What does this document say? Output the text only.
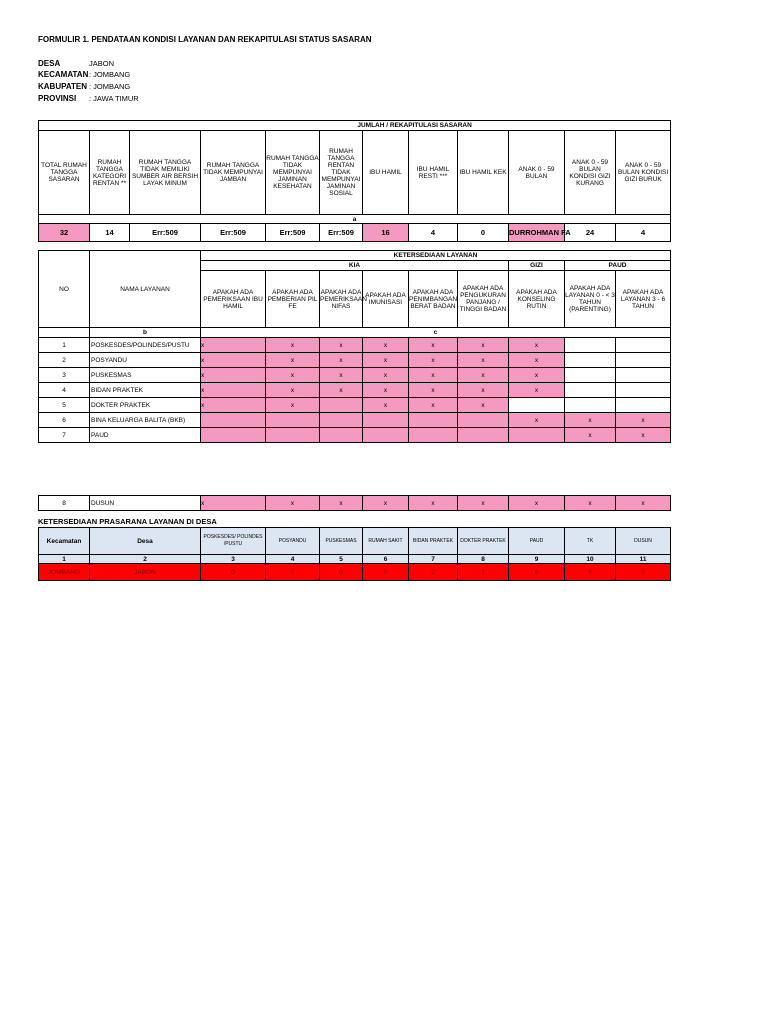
FORMULIR 1. PENDATAAN KONDISI LAYANAN DAN REKAPITULASI STATUS SASARAN
DESA	JABON
KECAMATAN : JOMBANG
KABUPATEN : JOMBANG
PROVINSI : JAWA TIMUR
JUMLAH / REKAPITULASI SASARAN											
TOTAL RUMAH TANGGA SASARAN	RUMAH TANGGA KATEGORI RENTAN **	RUMAH TANGGA TIDAK MEMILIKI SUMBER AIR BERSIH LAYAK MINUM	RUMAH TANGGA TIDAK MEMPUNYAI JAMBAN	RUMAH TANGGA TIDAK MEMPUNYAI JAMINAN KESEHATAN	RUMAH TANGGA RENTAN TIDAK MEMPUNYAI JAMINAN SOSIAL	IBU HAMIL	IBU HAMIL RESTI ***	IBU HAMIL KEK	ANAK 0 - 59 BULAN	ANAK 0 - 59 BULAN KONDISI GIZI KURANG	ANAK 0 - 59 BULAN KONDISI GIZI BURUK
a											
32	14	Err:509	Err:509	Err:509	Err:509	16	4	0	DURROHMAN FA	24	4
NO	NAMA LAYANAN	KETERSEDIAAN LAYANAN								
		KIA						GIZI	PAUD	
		APAKAH ADA PEMERIKSAAN IBU HAMIL	APAKAH ADA PEMBERIAN PIL FE	APAKAH ADA PEMERIKSAAN NIFAS	APAKAH ADA IMUNISASI	APAKAH ADA PENIMBANGAN BERAT BADAN	APAKAH ADA PENGUKURAN PANJANG / TINGGI BADAN	APAKAH ADA KONSELING RUTIN	APAKAH ADA LAYANAN 0 - < 3 TAHUN (PARENTING)	APAKAH ADA LAYANAN 3 - 6 TAHUN
	b	c								
1	POSKESDES/POLINDES/PUSTU	x	x	x	x	x	x	x		
2	POSYANDU	x	x	x	x	x	x	x		
3	PUSKESMAS	x	x	x	x	x	x	x		
4	BIDAN PRAKTEK	x	x	x	x	x	x	x		
5	DOKTER PRAKTEK	x	x		x	x	x			
6	BINA KELUARGA BALITA (BKB)							x	x	x
7	PAUD								x	x
8	DUSUN	x	x	x	x	x	x	x	x	x
KETERSEDIAAN PRASARANA LAYANAN DI DESA
Kecamatan	Desa	POSKESDES/ POLINDES /PUSTU	POSYANDU	PUSKESMAS	RUMAH SAKIT	BIDAN PRAKTEK	DOKTER PRAKTEK	PAUD	TK	DUSUN
1	2	3	4	5	6	7	8	9	10	11
JOMBANG	JABON	0	8	0	0	2	1	6	6	6
